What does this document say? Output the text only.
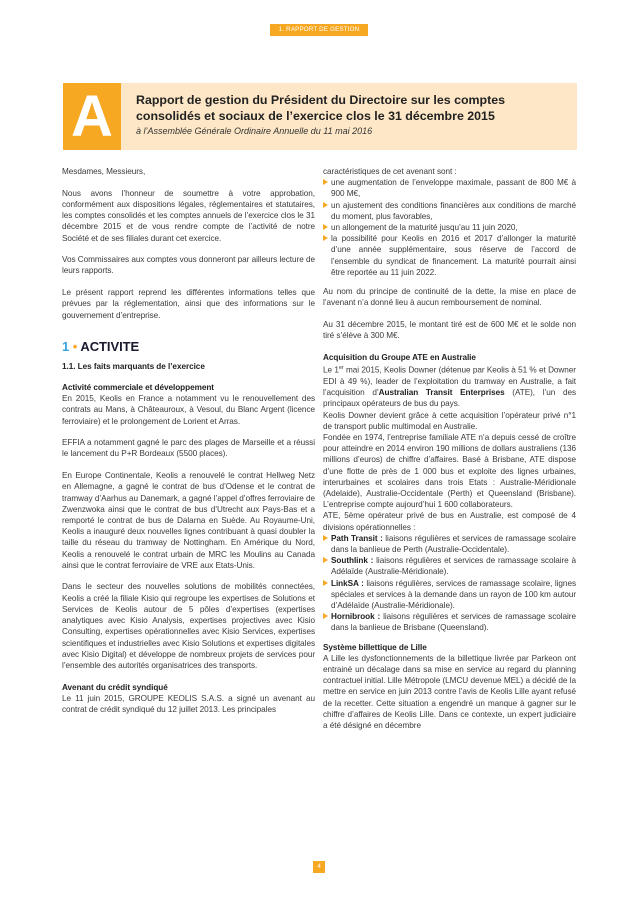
1. RAPPORT DE GESTION
A	Rapport de gestion du Président du Directoire sur les comptes consolidés et sociaux de l’exercice clos le 31 décembre 2015
à l’Assemblée Générale Ordinaire Annuelle du 11 mai 2016

Mesdames, Messieurs,

Nous avons l’honneur de soumettre à votre approbation, conformément aux dispositions légales, réglementaires et statutaires, les comptes consolidés et les comptes annuels de l’exercice clos le 31 décembre 2015 et de vous rendre compte de l’activité de notre Société et de ses filiales durant cet exercice.

Vos Commissaires aux comptes vous donneront par ailleurs lecture de leurs rapports.

Le présent rapport reprend les différentes informations telles que prévues par la réglementation, ainsi que des informations sur le gouvernement d’entreprise.

1 • ACTIVITE
1.1. Les faits marquants de l’exercice

Activité commerciale et développement

En 2015, Keolis en France a notamment vu le renouvellement des contrats au Mans, à Châteauroux, à Vesoul, du Blanc Argent (licence ferroviaire) et le prolongement de Lorient et Arras.

EFFIA a notamment gagné le parc des plages de Marseille et a réussi le lancement du P+R Bordeaux (5500 places).

En Europe Continentale, Keolis a renouvelé le contrat Hellweg Netz en Allemagne, a gagné le contrat de bus d’Odense et le contrat de tramway d’Aarhus au Danemark, a gagné l’appel d’offres ferroviaire de Zwenzwoka ainsi que le contrat de bus d’Utrecht aux Pays-Bas et a remporté le contrat de bus de Dalarna en Suède. Au Royaume-Uni, Keolis a inauguré deux nouvelles lignes contribuant à quasi doubler la taille du réseau du tramway de Nottingham. En Amérique du Nord, Keolis a renouvelé le contrat urbain de MRC les Moulins au Canada ainsi que le contrat ferroviaire de VRE aux Etats-Unis.

Dans le secteur des nouvelles solutions de mobilités connectées, Keolis a créé la filiale Kisio qui regroupe les expertises de Solutions et Services de Keolis autour de 5 pôles d’expertises (expertises analytiques avec Kisio Analysis, expertises projectives avec Kisio Consulting, expertises opérationnelles avec Kisio Services, expertises scientifiques et industrielles avec Kisio Solutions et expertises digitales avec Kisio Digital) et développe de nombreux projets de services pour l’ensemble des autorités organisatrices des transports.

Avenant du crédit syndiqué

Le 11 juin 2015, GROUPE KEOLIS S.A.S. a signé un avenant au contrat de crédit syndiqué du 12 juillet 2013. Les principales

caractéristiques de cet avenant sont :

une augmentation de l’enveloppe maximale, passant de 800 M€ à 900 M€,
un ajustement des conditions financières aux conditions de marché du moment, plus favorables,
un allongement de la maturité jusqu’au 11 juin 2020,
la possibilité pour Keolis en 2016 et 2017 d’allonger la maturité d’une année supplémentaire, sous réserve de l’accord de l’ensemble du syndicat de financement. La maturité pourrait ainsi être reportée au 11 juin 2022.

Au nom du principe de continuité de la dette, la mise en place de l’avenant n’a donné lieu à aucun remboursement de nominal.

Au 31 décembre 2015, le montant tiré est de 600 M€ et le solde non tiré s’élève à 300 M€.

Acquisition du Groupe ATE en Australie

Le 1er mai 2015, Keolis Downer (détenue par Keolis à 51 % et Downer EDI à 49 %), leader de l’exploitation du tramway en Australie, a fait l’acquisition d’Australian Transit Enterprises (ATE), l’un des principaux opérateurs de bus du pays.

Keolis Downer devient grâce à cette acquisition l’opérateur privé n°1 de transport public multimodal en Australie.

Fondée en 1974, l’entreprise familiale ATE n’a depuis cessé de croître pour atteindre en 2014 environ 190 millions de dollars australiens (136 millions d’euros) de chiffre d’affaires. Basé à Brisbane, ATE dispose d’une flotte de près de 1 000 bus et exploite des lignes urbaines, interurbaines et scolaires dans trois Etats : Australie-Méridionale (Adelaide), Australie-Occidentale (Perth) et Queensland (Brisbane). L’entreprise compte aujourd’hui 1 600 collaborateurs.

ATE, 5ème opérateur privé de bus en Australie, est composé de 4 divisions opérationnelles :

Path Transit : liaisons régulières et services de ramassage scolaire dans la banlieue de Perth (Australie-Occidentale).
Southlink : liaisons régulières et services de ramassage scolaire à Adélaïde (Australie-Méridionale).
LinkSA : liaisons régulières, services de ramassage scolaire, lignes spéciales et services à la demande dans un rayon de 100 km autour d’Adélaïde (Australie-Méridionale).
Hornibrook : liaisons régulières et services de ramassage scolaire dans la banlieue de Brisbane (Queensland).

Système billettique de Lille

A Lille les dysfonctionnements de la billettique livrée par Parkeon ont entrainé un décalage dans sa mise en service au regard du planning contractuel initial. Lille Métropole (LMCU devenue MEL) a décidé de la mettre en service en juin 2013 contre l’avis de Keolis Lille ayant refusé de la recetter. Cette situation a engendré un manque à gagner sur le chiffre d’affaires de Keolis Lille. Dans ce contexte, un expert judiciaire a été désigné en décembre

4
